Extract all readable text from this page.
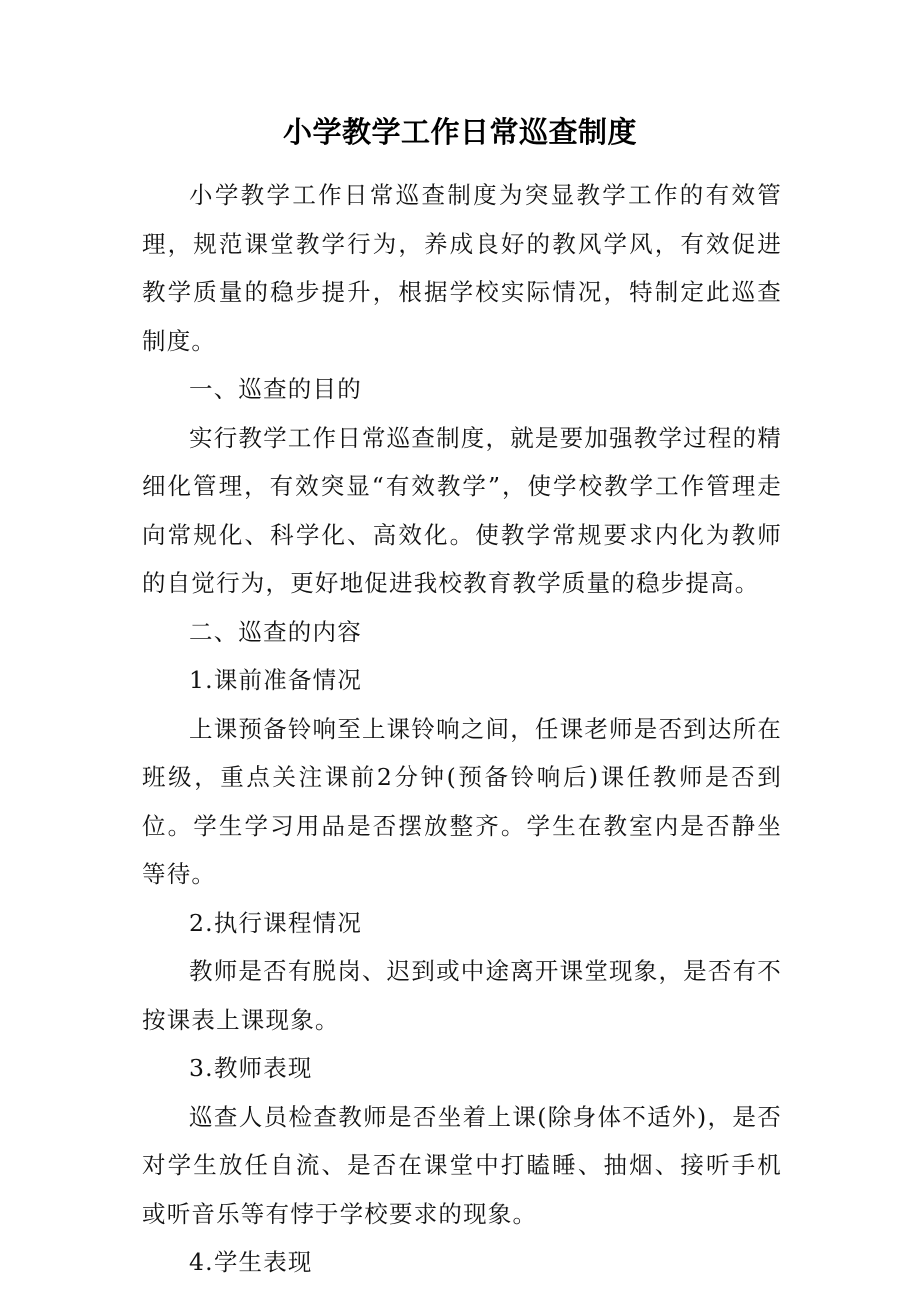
小学教学工作日常巡查制度

小学教学工作日常巡查制度为突显教学工作的有效管理，规范课堂教学行为，养成良好的教风学风，有效促进教学质量的稳步提升，根据学校实际情况，特制定此巡查制度。

一、巡查的目的

实行教学工作日常巡查制度，就是要加强教学过程的精细化管理，有效突显“有效教学”，使学校教学工作管理走向常规化、科学化、高效化。使教学常规要求内化为教师的自觉行为，更好地促进我校教育教学质量的稳步提高。

二、巡查的内容

1.课前准备情况

上课预备铃响至上课铃响之间，任课老师是否到达所在班级，重点关注课前2分钟(预备铃响后)课任教师是否到位。学生学习用品是否摆放整齐。学生在教室内是否静坐等待。

2.执行课程情况

教师是否有脱岗、迟到或中途离开课堂现象，是否有不按课表上课现象。

3.教师表现

巡查人员检查教师是否坐着上课(除身体不适外)，是否对学生放任自流、是否在课堂中打瞌睡、抽烟、接听手机或听音乐等有悖于学校要求的现象。

4.学生表现
